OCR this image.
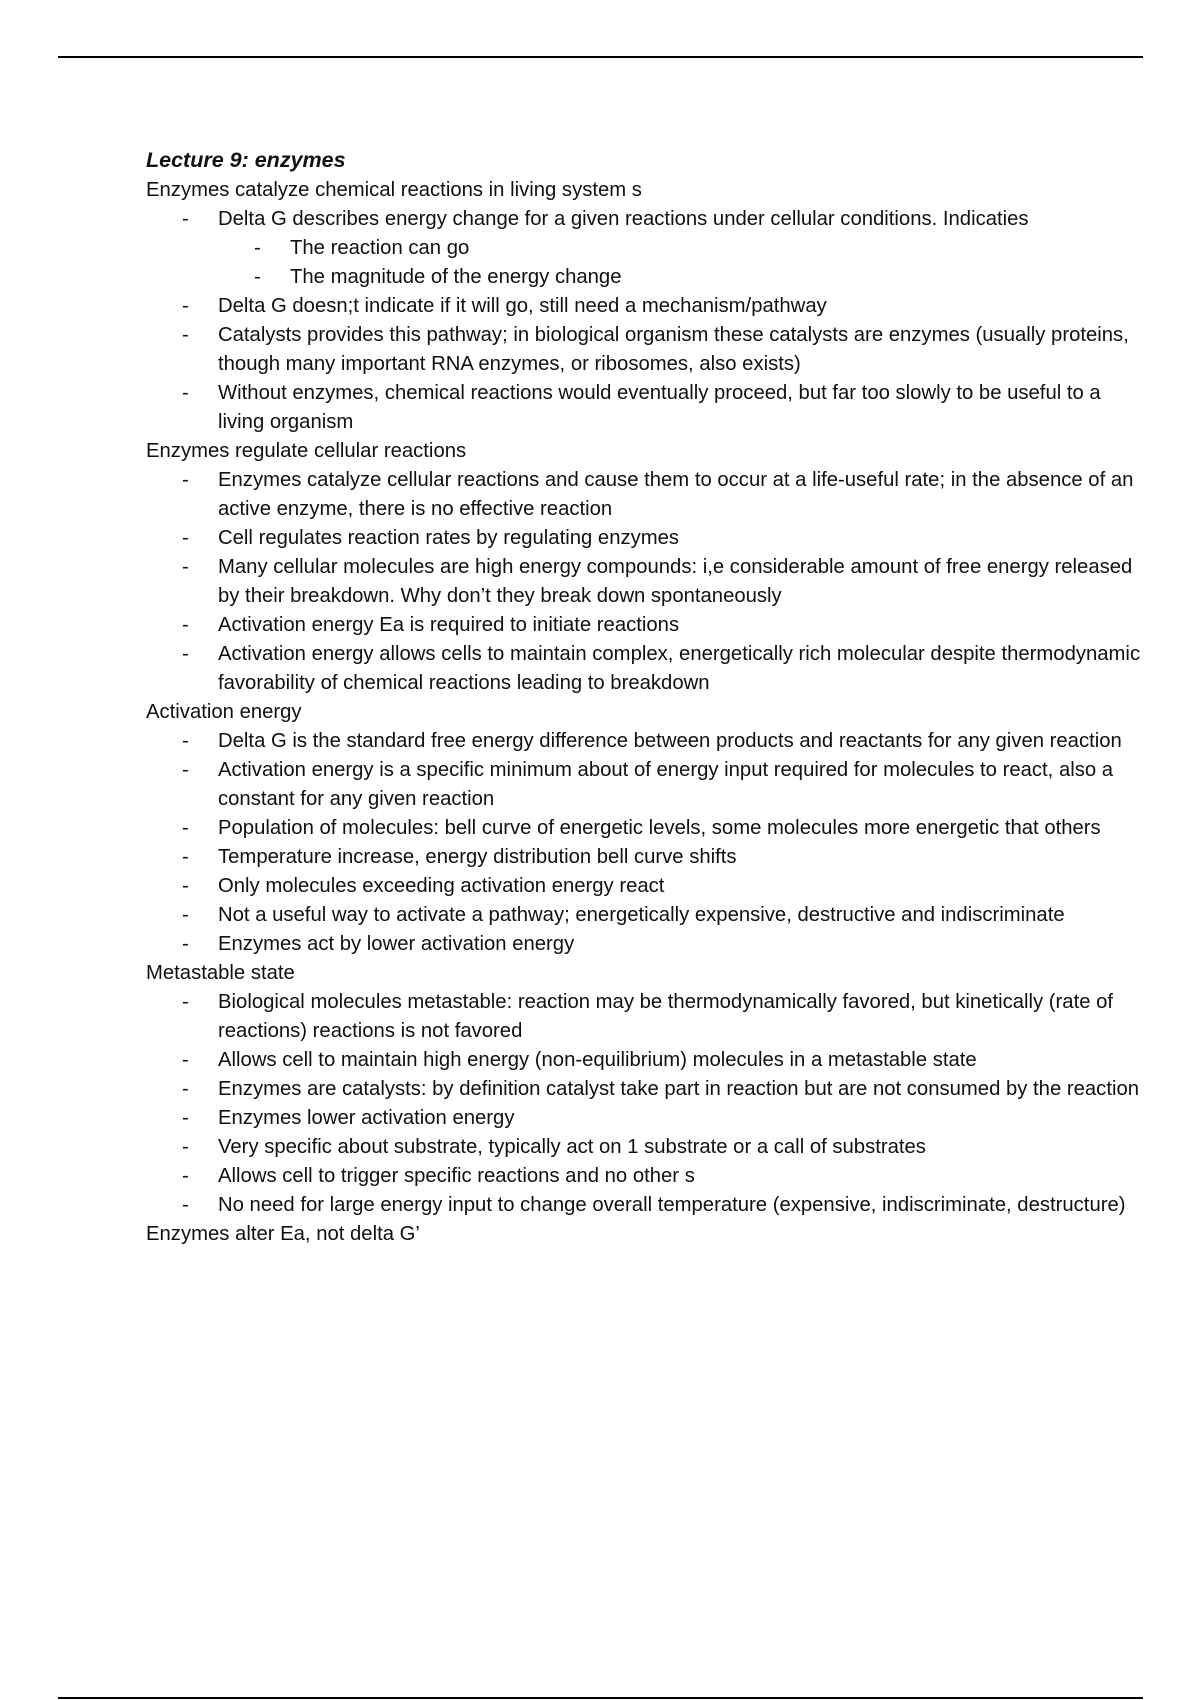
Lecture 9: enzymes
Enzymes catalyze chemical reactions in living system s
- Delta G describes energy change for a given reactions under cellular conditions. Indicaties
- The reaction can go
- The magnitude of the energy change
- Delta G doesn;t indicate if it will go, still need a mechanism/pathway
- Catalysts provides this pathway; in biological organism these catalysts are enzymes (usually proteins, though many important RNA enzymes, or ribosomes, also exists)
- Without enzymes, chemical reactions would eventually proceed, but far too slowly to be useful to a living organism
Enzymes regulate cellular reactions
- Enzymes catalyze cellular reactions and cause them to occur at a life-useful rate; in the absence of an active enzyme, there is no effective reaction
- Cell regulates reaction rates by regulating enzymes
- Many cellular molecules are high energy compounds: i,e considerable amount of free energy released by their breakdown. Why don’t they break down spontaneously
- Activation energy Ea is required to initiate reactions
- Activation energy allows cells to maintain complex, energetically rich molecular despite thermodynamic favorability of chemical reactions leading to breakdown
Activation energy
- Delta G is the standard free energy difference between products and reactants for any given reaction
- Activation energy is a specific minimum about of energy input required for molecules to react, also a constant for any given reaction
- Population of molecules: bell curve of energetic levels, some molecules more energetic that others
- Temperature increase, energy distribution bell curve shifts
- Only molecules exceeding activation energy react
- Not a useful way to activate a pathway; energetically expensive, destructive and indiscriminate
- Enzymes act by lower activation energy
Metastable state
- Biological molecules metastable: reaction may be thermodynamically favored, but kinetically (rate of reactions) reactions is not favored
- Allows cell to maintain high energy (non-equilibrium) molecules in a metastable state
- Enzymes are catalysts: by definition catalyst take part in reaction but are not consumed by the reaction
- Enzymes lower activation energy
- Very specific about substrate, typically act on 1 substrate or a call of substrates
- Allows cell to trigger specific reactions and no other s
- No need for large energy input to change overall temperature (expensive, indiscriminate, destructure)
Enzymes alter Ea, not delta G’
